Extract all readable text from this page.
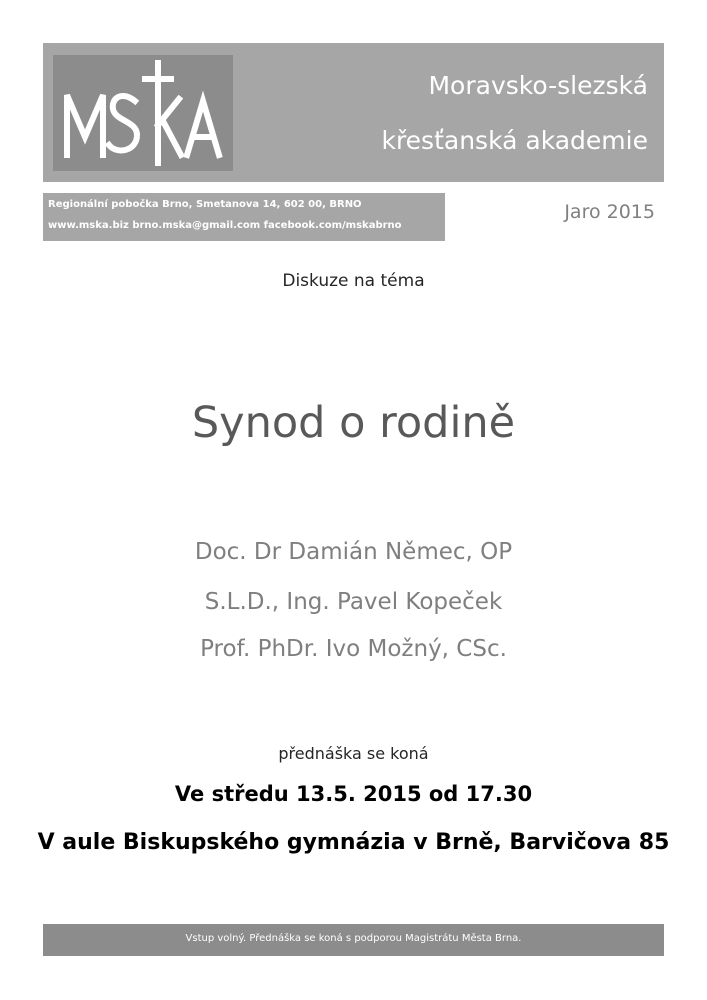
Moravsko-slezská
křesťanská akademie
Regionální pobočka Brno, Smetanova 14, 602 00, BRNO
www.mska.biz brno.mska@gmail.com facebook.com/mskabrno
Jaro 2015
Diskuze na téma
Synod o rodině
Doc. Dr Damián Němec, OP
S.L.D., Ing. Pavel Kopeček
Prof. PhDr. Ivo Možný, CSc.
přednáška se koná
Ve středu 13.5. 2015 od 17.30
V aule Biskupského gymnázia v Brně, Barvičova 85
Vstup volný. Přednáška se koná s podporou Magistrátu Města Brna.
